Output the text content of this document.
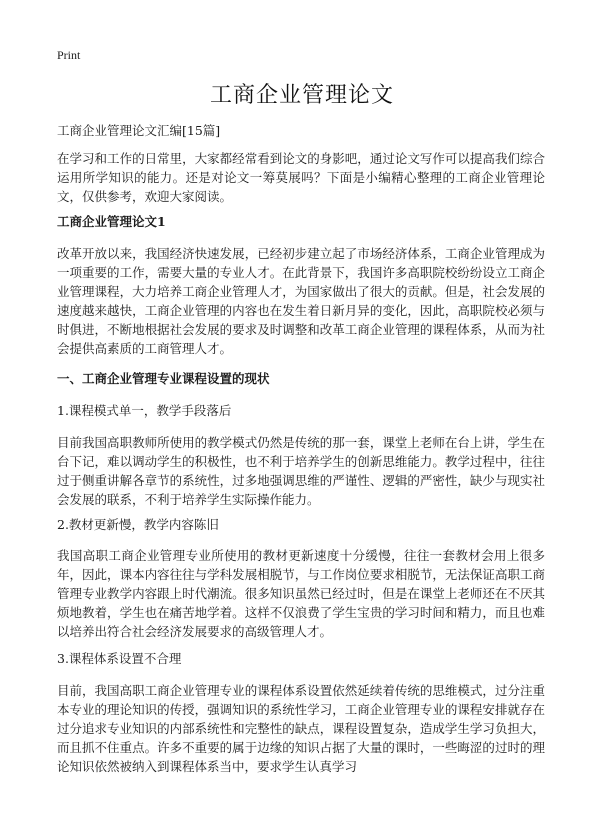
Print
工商企业管理论文
工商企业管理论文汇编[15篇]

在学习和工作的日常里，大家都经常看到论文的身影吧，通过论文写作可以提高我们综合运用所学知识的能力。还是对论文一筹莫展吗？下面是小编精心整理的工商企业管理论文，仅供参考，欢迎大家阅读。

工商企业管理论文1

改革开放以来，我国经济快速发展，已经初步建立起了市场经济体系，工商企业管理成为一项重要的工作，需要大量的专业人才。在此背景下，我国许多高职院校纷纷设立工商企业管理课程，大力培养工商企业管理人才，为国家做出了很大的贡献。但是，社会发展的速度越来越快，工商企业管理的内容也在发生着日新月异的变化，因此，高职院校必须与时俱进，不断地根据社会发展的要求及时调整和改革工商企业管理的课程体系，从而为社会提供高素质的工商管理人才。

一、工商企业管理专业课程设置的现状

1.课程模式单一，教学手段落后

目前我国高职教师所使用的教学模式仍然是传统的那一套，课堂上老师在台上讲，学生在台下记，难以调动学生的积极性，也不利于培养学生的创新思维能力。教学过程中，往往过于侧重讲解各章节的系统性，过多地强调思维的严谨性、逻辑的严密性，缺少与现实社会发展的联系，不利于培养学生实际操作能力。

2.教材更新慢，教学内容陈旧

我国高职工商企业管理专业所使用的教材更新速度十分缓慢，往往一套教材会用上很多年，因此，课本内容往往与学科发展相脱节，与工作岗位要求相脱节，无法保证高职工商管理专业教学内容跟上时代潮流。很多知识虽然已经过时，但是在课堂上老师还在不厌其烦地教着，学生也在痛苦地学着。这样不仅浪费了学生宝贵的学习时间和精力，而且也难以培养出符合社会经济发展要求的高级管理人才。

3.课程体系设置不合理

目前，我国高职工商企业管理专业的课程体系设置依然延续着传统的思维模式，过分注重本专业的理论知识的传授，强调知识的系统性学习，工商企业管理专业的课程安排就存在过分追求专业知识的内部系统性和完整性的缺点，课程设置复杂，造成学生学习负担大，而且抓不住重点。许多不重要的属于边缘的知识占据了大量的课时，一些晦涩的过时的理论知识依然被纳入到课程体系当中，要求学生认真学习
